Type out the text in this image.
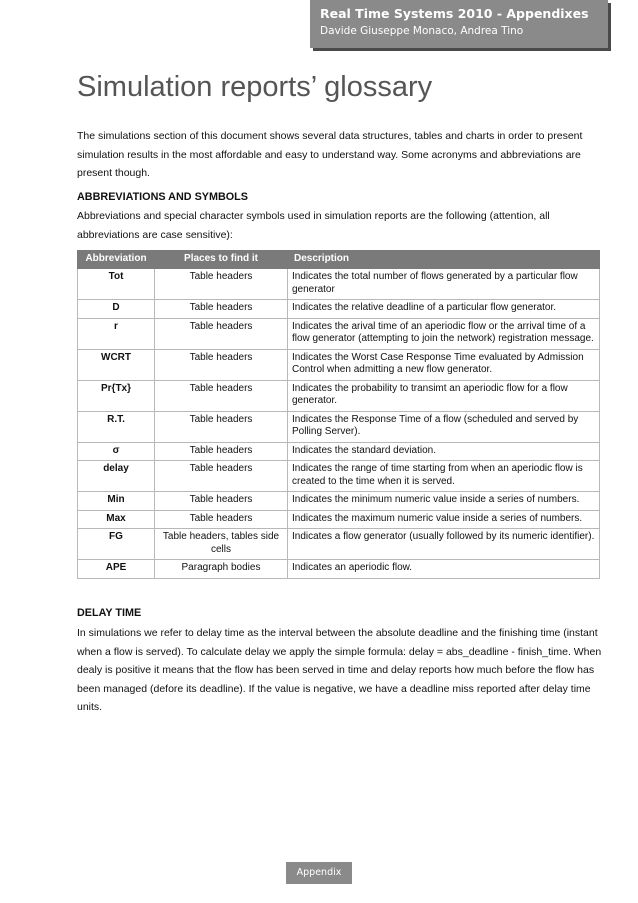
Real Time Systems 2010 - Appendixes
Davide Giuseppe Monaco, Andrea Tino
Simulation reports’ glossary

The simulations section of this document shows several data structures, tables and charts in order to present simulation results in the most affordable and easy to understand way. Some acronyms and abbreviations are present though.

ABBREVIATIONS AND SYMBOLS

Abbreviations and special character symbols used in simulation reports are the following (attention, all abbreviations are case sensitive):

Abbreviation	Places to find it	Description
Tot	Table headers	Indicates the total number of flows generated by a particular flow generator
D	Table headers	Indicates the relative deadline of a particular flow generator.
r	Table headers	Indicates the arival time of an aperiodic flow or the arrival time of a flow generator (attempting to join the network) registration message.
WCRT	Table headers	Indicates the Worst Case Response Time evaluated by Admission Control when admitting a new flow generator.
Pr{Tx}	Table headers	Indicates the probability to transimt an aperiodic flow for a flow generator.
R.T.	Table headers	Indicates the Response Time of a flow (scheduled and served by Polling Server).
σ	Table headers	Indicates the standard deviation.
delay	Table headers	Indicates the range of time starting from when an aperiodic flow is created to the time when it is served.
Min	Table headers	Indicates the minimum numeric value inside a series of numbers.
Max	Table headers	Indicates the maximum numeric value inside a series of numbers.
FG	Table headers, tables side cells	Indicates a flow generator (usually followed by its numeric identifier).
APE	Paragraph bodies	Indicates an aperiodic flow.
DELAY TIME

In simulations we refer to delay time as the interval between the absolute deadline and the finishing time (instant when a flow is served). To calculate delay we apply the simple formula: delay = abs_deadline - finish_time. When dealy is positive it means that the flow has been served in time and delay reports how much before the flow has been managed (defore its deadline). If the value is negative, we have a deadline miss reported after delay time units.

Appendix
